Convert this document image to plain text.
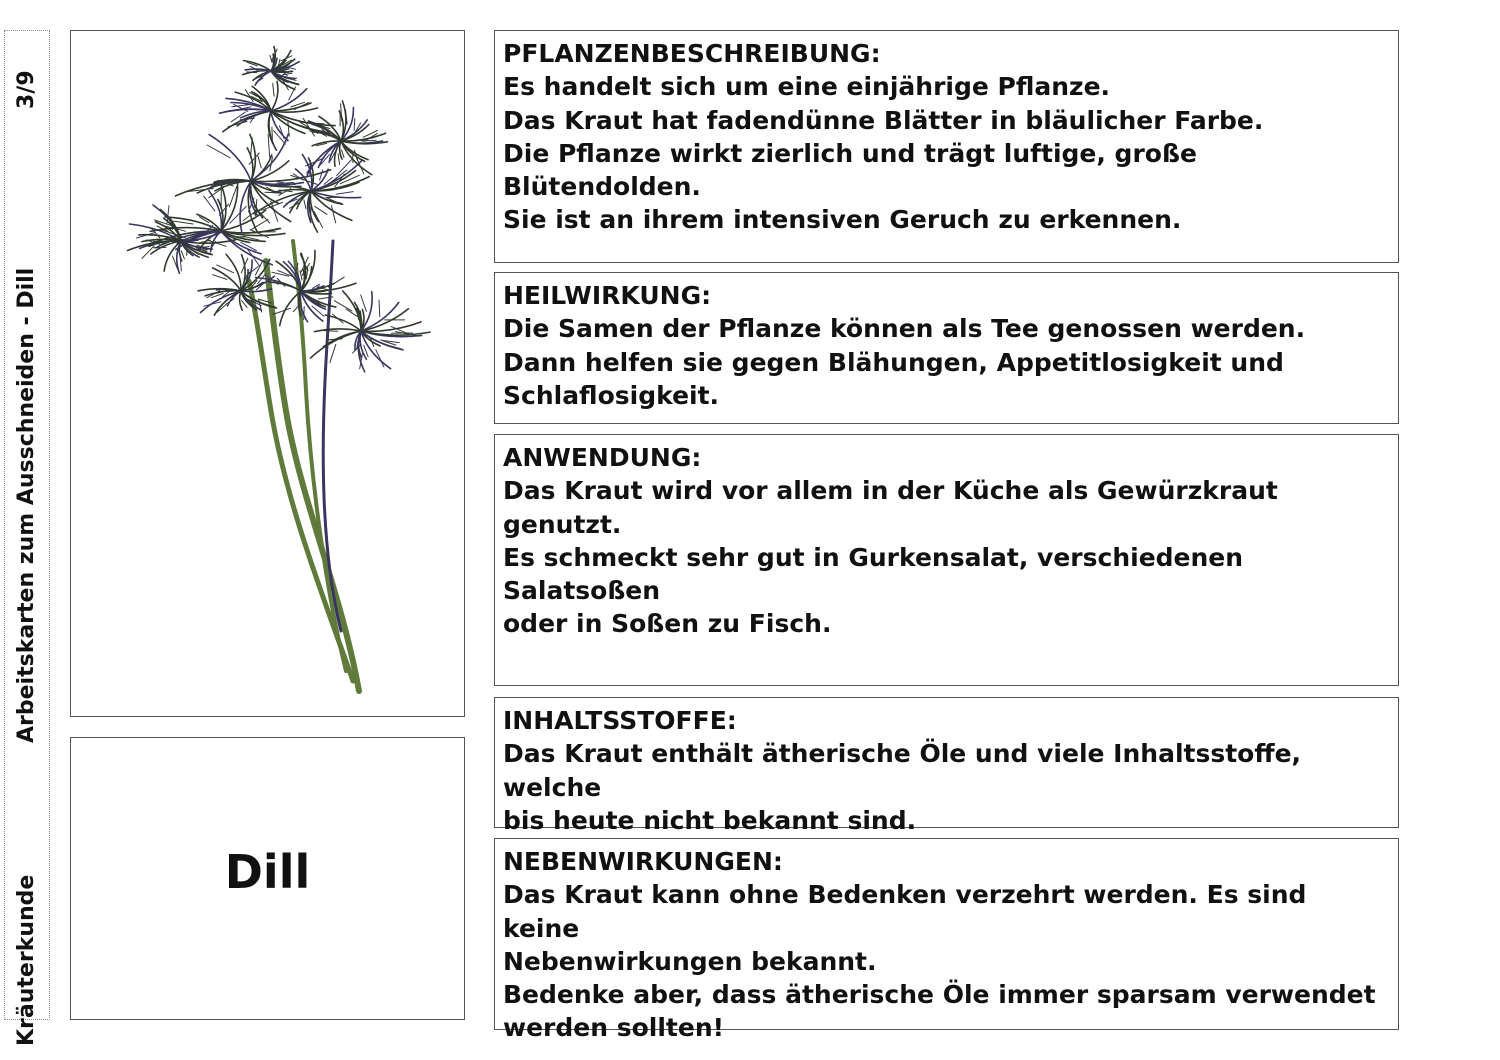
Kräuterkunde
Arbeitskarten zum Ausschneiden - Dill
3/9
Dill

PFLANZENBESCHREIBUNG:

Es handelt sich um eine einjährige Pflanze.

Das Kraut hat fadendünne Blätter in bläulicher Farbe.

Die Pflanze wirkt zierlich und trägt luftige, große Blütendolden.

Sie ist an ihrem intensiven Geruch zu erkennen.

HEILWIRKUNG:

Die Samen der Pflanze können als Tee genossen werden.

Dann helfen sie gegen Blähungen, Appetitlosigkeit und

Schlaflosigkeit.

ANWENDUNG:

Das Kraut wird vor allem in der Küche als Gewürzkraut genutzt.

Es schmeckt sehr gut in Gurkensalat, verschiedenen Salatsoßen

oder in Soßen zu Fisch.

INHALTSSTOFFE:

Das Kraut enthält ätherische Öle und viele Inhaltsstoffe, welche

bis heute nicht bekannt sind.

NEBENWIRKUNGEN:

Das Kraut kann ohne Bedenken verzehrt werden. Es sind keine

Nebenwirkungen bekannt.

Bedenke aber, dass ätherische Öle immer sparsam verwendet

werden sollten!
